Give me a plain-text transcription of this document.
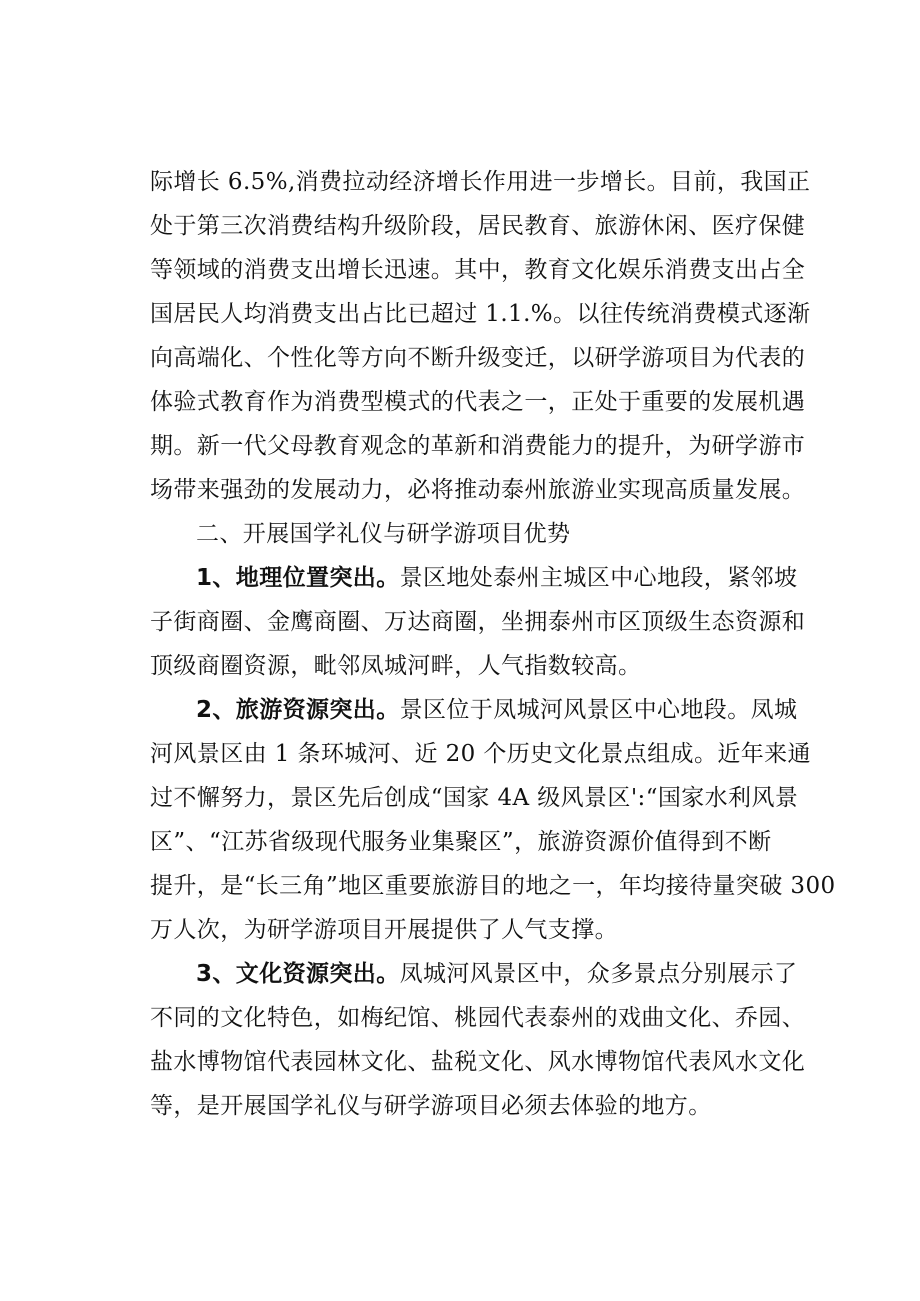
际增长 6.5%,消费拉动经济增长作用进一步增长。目前，我国正
处于第三次消费结构升级阶段，居民教育、旅游休闲、医疗保健
等领域的消费支出增长迅速。其中，教育文化娱乐消费支出占全
国居民人均消费支出占比已超过 1.1.%。以往传统消费模式逐渐
向高端化、个性化等方向不断升级变迁，以研学游项目为代表的
体验式教育作为消费型模式的代表之一，正处于重要的发展机遇
期。新一代父母教育观念的革新和消费能力的提升，为研学游市
场带来强劲的发展动力，必将推动泰州旅游业实现高质量发展。
二、开展国学礼仪与研学游项目优势
1、地理位置突出。景区地处泰州主城区中心地段，紧邻坡
子街商圈、金鹰商圈、万达商圈，坐拥泰州市区顶级生态资源和
顶级商圈资源，毗邻凤城河畔，人气指数较高。
2、旅游资源突出。景区位于凤城河风景区中心地段。凤城
河风景区由 1 条环城河、近 20 个历史文化景点组成。近年来通
过不懈努力，景区先后创成“国家 4A 级风景区':“国家水利风景
区”、“江苏省级现代服务业集聚区”，旅游资源价值得到不断
提升，是“长三角”地区重要旅游目的地之一，年均接待量突破 300
万人次，为研学游项目开展提供了人气支撑。
3、文化资源突出。凤城河风景区中，众多景点分别展示了
不同的文化特色，如梅纪馆、桃园代表泰州的戏曲文化、乔园、
盐水博物馆代表园林文化、盐税文化、风水博物馆代表风水文化
等，是开展国学礼仪与研学游项目必须去体验的地方。
